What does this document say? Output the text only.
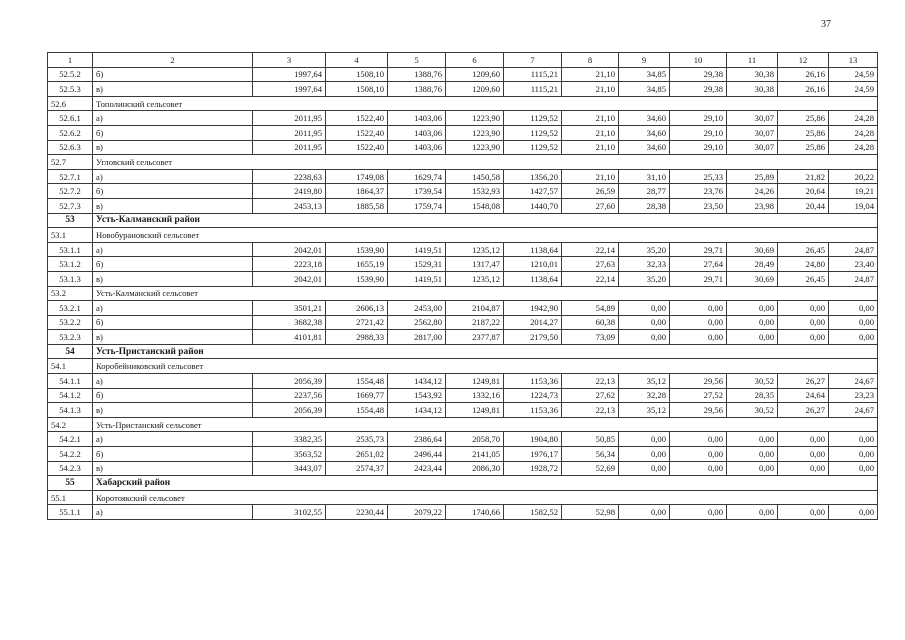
37
1	2	3	4	5	6	7	8	9	10	11	12	13
52.5.2	б)	1997,64	1508,10	1388,76	1209,60	1115,21	21,10	34,85	29,38	30,38	26,16	24,59
52.5.3	в)	1997,64	1508,10	1388,76	1209,60	1115,21	21,10	34,85	29,38	30,38	26,16	24,59
52.6	Тополинский сельсовет											
52.6.1	а)	2011,95	1522,40	1403,06	1223,90	1129,52	21,10	34,60	29,10	30,07	25,86	24,28
52.6.2	б)	2011,95	1522,40	1403,06	1223,90	1129,52	21,10	34,60	29,10	30,07	25,86	24,28
52.6.3	в)	2011,95	1522,40	1403,06	1223,90	1129,52	21,10	34,60	29,10	30,07	25,86	24,28
52.7	Угловский сельсовет											
52.7.1	а)	2238,63	1749,08	1629,74	1450,58	1356,20	21,10	31,10	25,33	25,89	21,82	20,22
52.7.2	б)	2419,80	1864,37	1739,54	1532,93	1427,57	26,59	28,77	23,76	24,26	20,64	19,21
52.7.3	в)	2453,13	1885,58	1759,74	1548,08	1440,70	27,60	28,38	23,50	23,98	20,44	19,04
53	Усть-Калманский район											
53.1	Новобурановский сельсовет											
53.1.1	а)	2042,01	1539,90	1419,51	1235,12	1138,64	22,14	35,20	29,71	30,69	26,45	24,87
53.1.2	б)	2223,18	1655,19	1529,31	1317,47	1210,01	27,63	32,33	27,64	28,49	24,80	23,40
53.1.3	в)	2042,01	1539,90	1419,51	1235,12	1138,64	22,14	35,20	29,71	30,69	26,45	24,87
53.2	Усть-Калманский сельсовет											
53.2.1	а)	3501,21	2606,13	2453,00	2104,87	1942,90	54,89	0,00	0,00	0,00	0,00	0,00
53.2.2	б)	3682,38	2721,42	2562,80	2187,22	2014,27	60,38	0,00	0,00	0,00	0,00	0,00
53.2.3	в)	4101,81	2988,33	2817,00	2377,87	2179,50	73,09	0,00	0,00	0,00	0,00	0,00
54	Усть-Пристанский район											
54.1	Коробейниковский сельсовет											
54.1.1	а)	2056,39	1554,48	1434,12	1249,81	1153,36	22,13	35,12	29,56	30,52	26,27	24,67
54.1.2	б)	2237,56	1669,77	1543,92	1332,16	1224,73	27,62	32,28	27,52	28,35	24,64	23,23
54.1.3	в)	2056,39	1554,48	1434,12	1249,81	1153,36	22,13	35,12	29,56	30,52	26,27	24,67
54.2	Усть-Пристанский сельсовет											
54.2.1	а)	3382,35	2535,73	2386,64	2058,70	1904,80	50,85	0,00	0,00	0,00	0,00	0,00
54.2.2	б)	3563,52	2651,02	2496,44	2141,05	1976,17	56,34	0,00	0,00	0,00	0,00	0,00
54.2.3	в)	3443,07	2574,37	2423,44	2086,30	1928,72	52,69	0,00	0,00	0,00	0,00	0,00
55	Хабарский район											
55.1	Коротоякский сельсовет											
55.1.1	а)	3102,55	2230,44	2079,22	1740,66	1582,52	52,98	0,00	0,00	0,00	0,00	0,00
